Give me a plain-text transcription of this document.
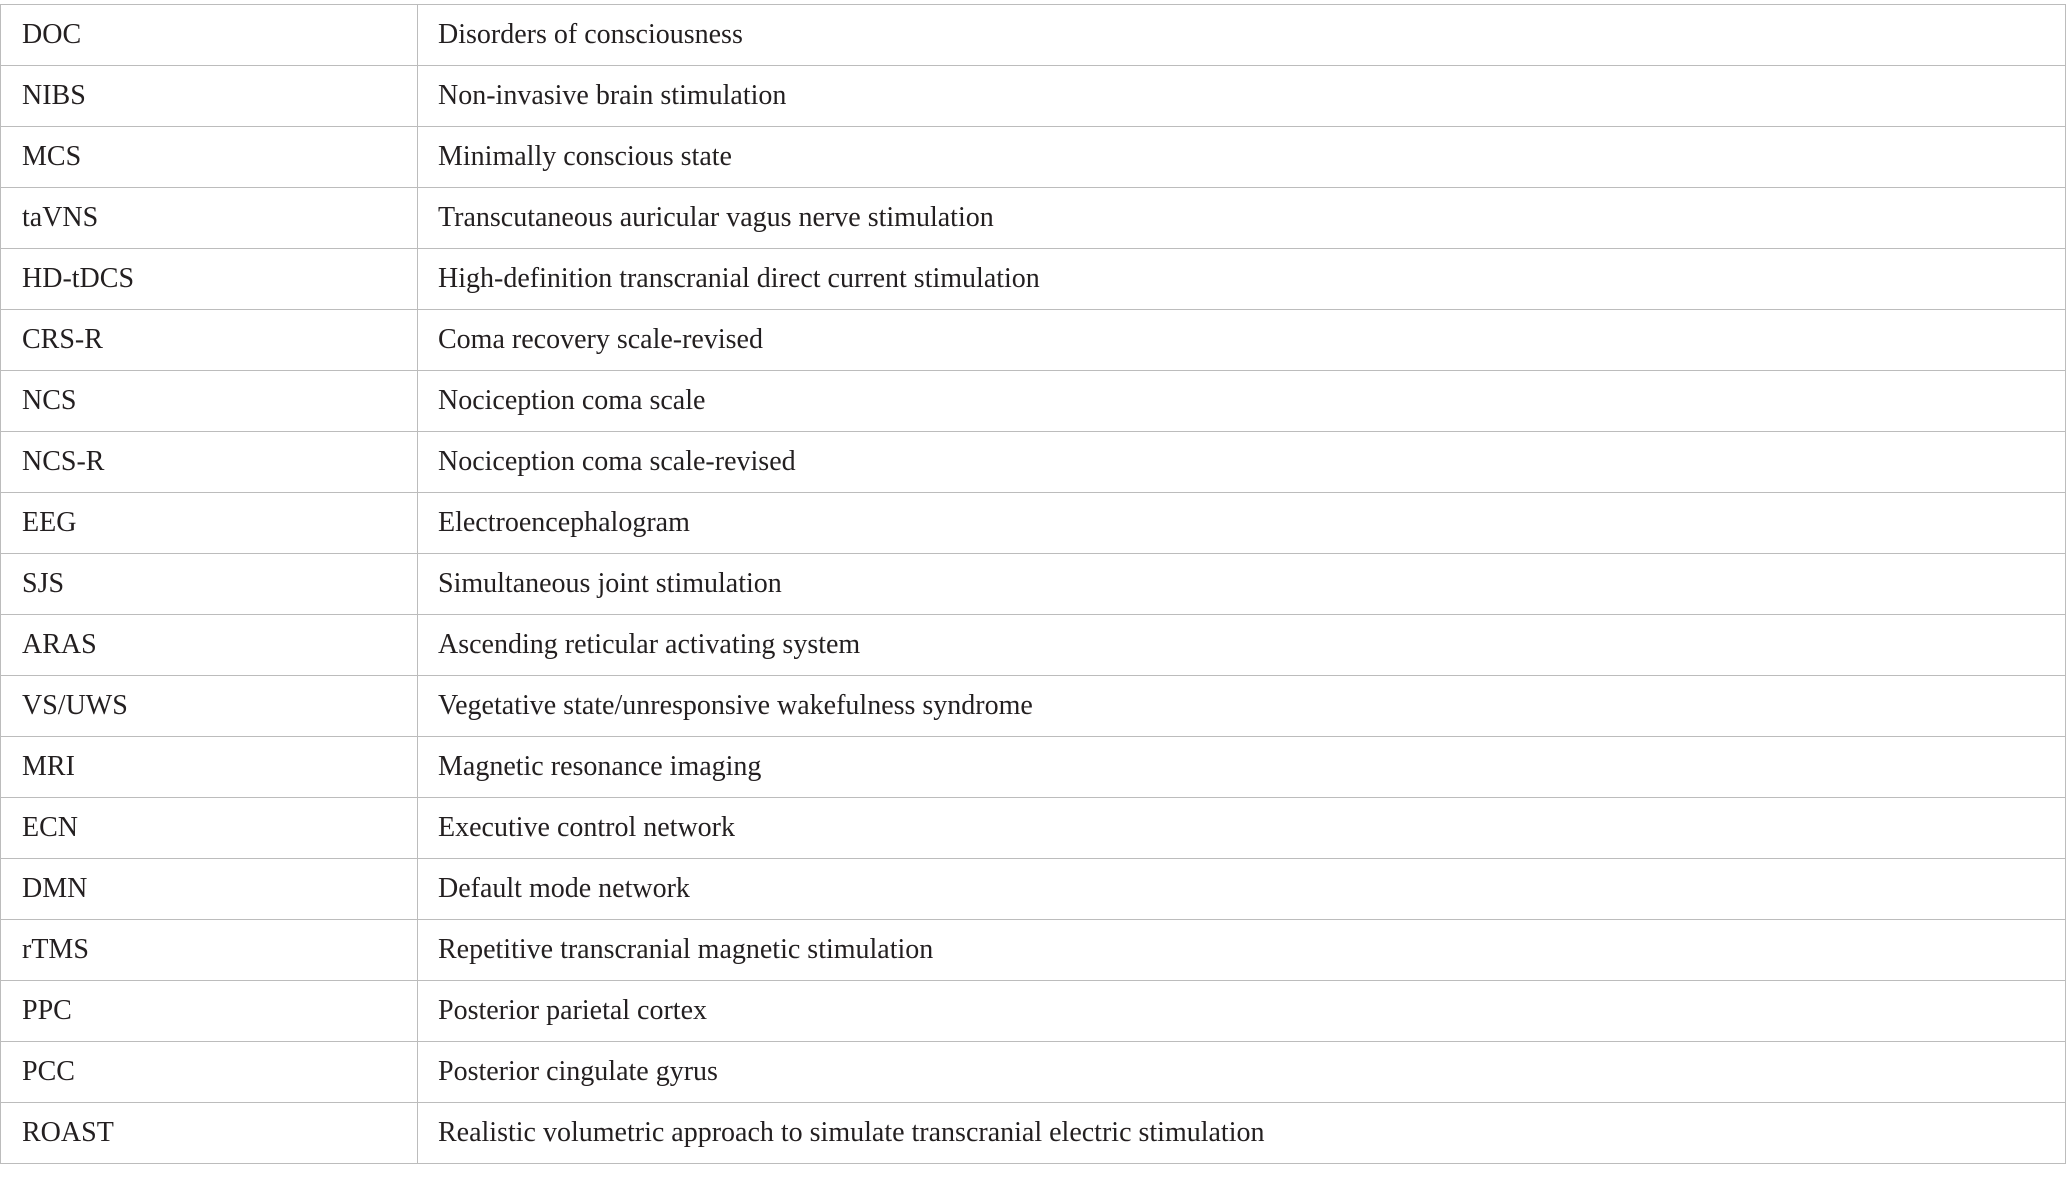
DOC	Disorders of consciousness
NIBS	Non-invasive brain stimulation
MCS	Minimally conscious state
taVNS	Transcutaneous auricular vagus nerve stimulation
HD-tDCS	High-definition transcranial direct current stimulation
CRS-R	Coma recovery scale-revised
NCS	Nociception coma scale
NCS-R	Nociception coma scale-revised
EEG	Electroencephalogram
SJS	Simultaneous joint stimulation
ARAS	Ascending reticular activating system
VS/UWS	Vegetative state/unresponsive wakefulness syndrome
MRI	Magnetic resonance imaging
ECN	Executive control network
DMN	Default mode network
rTMS	Repetitive transcranial magnetic stimulation
PPC	Posterior parietal cortex
PCC	Posterior cingulate gyrus
ROAST	Realistic volumetric approach to simulate transcranial electric stimulation
